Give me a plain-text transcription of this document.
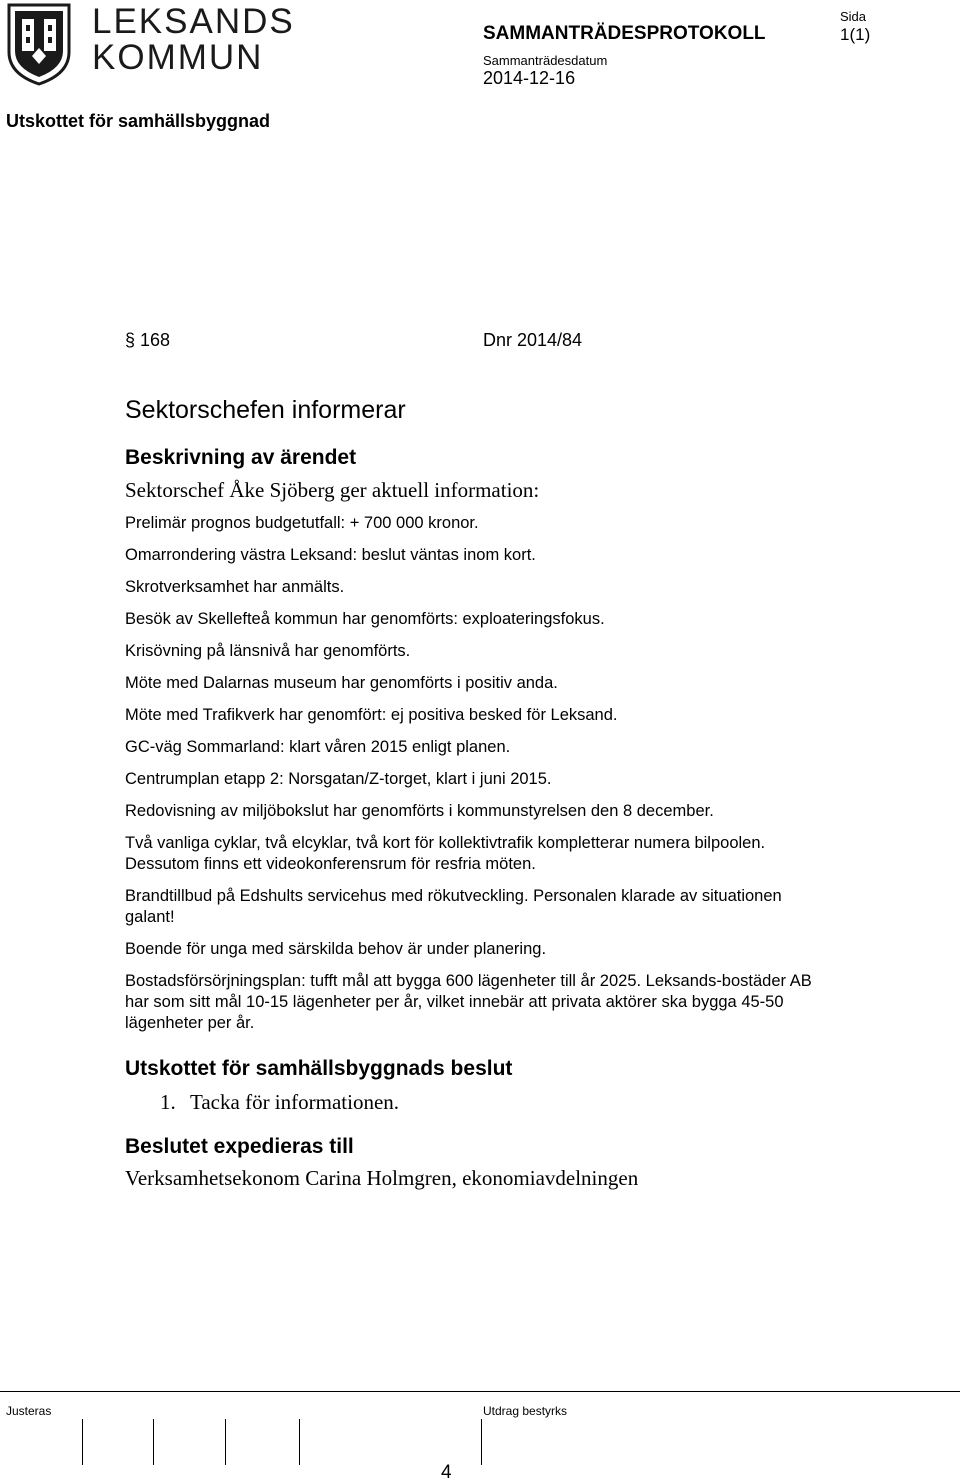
LEKSANDS
KOMMUN
SAMMANTRÄDESPROTOKOLL
Sida
1(1)
Sammanträdesdatum
2014-12-16
Utskottet för samhällsbyggnad
§ 168	Dnr 2014/84
Sektorschefen informerar
Beskrivning av ärendet
Sektorschef Åke Sjöberg ger aktuell information:
Prelimär prognos budgetutfall: + 700 000 kronor.
Omarrondering västra Leksand: beslut väntas inom kort.
Skrotverksamhet har anmälts.
Besök av Skellefteå kommun har genomförts: exploateringsfokus.
Krisövning på länsnivå har genomförts.
Möte med Dalarnas museum har genomförts i positiv anda.
Möte med Trafikverk har genomfört: ej positiva besked för Leksand.
GC-väg Sommarland: klart våren 2015 enligt planen.
Centrumplan etapp 2: Norsgatan/Z-torget, klart i juni 2015.
Redovisning av miljöbokslut har genomförts i kommunstyrelsen den 8 december.
Två vanliga cyklar, två elcyklar, två kort för kollektivtrafik kompletterar numera bilpoolen. Dessutom finns ett videokonferensrum för resfria möten.
Brandtillbud på Edshults servicehus med rökutveckling. Personalen klarade av situationen galant!
Boende för unga med särskilda behov är under planering.
Bostadsförsörjningsplan: tufft mål att bygga 600 lägenheter till år 2025. Leksands-bostäder AB har som sitt mål 10-15 lägenheter per år, vilket innebär att privata aktörer ska bygga 45-50 lägenheter per år.
Utskottet för samhällsbyggnads beslut
1. Tacka för informationen.
Beslutet expedieras till
Verksamhetsekonom Carina Holmgren, ekonomiavdelningen
Justeras	Utdrag bestyrks
4
